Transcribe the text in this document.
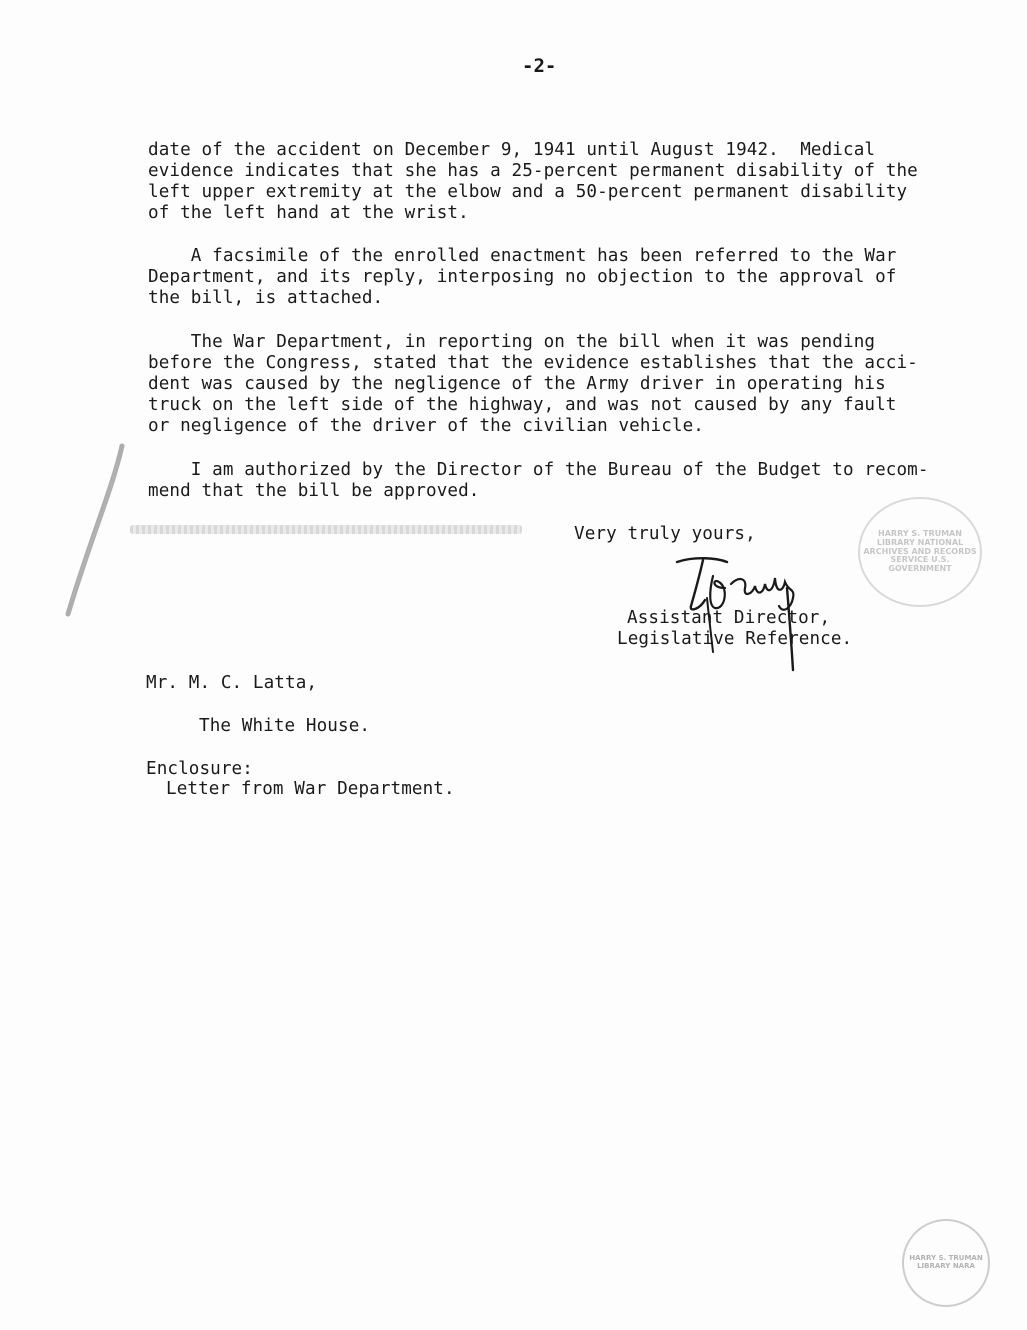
-2-
date of the accident on December 9, 1941 until August 1942.  Medical
evidence indicates that she has a 25-percent permanent disability of the
left upper extremity at the elbow and a 50-percent permanent disability
of the left hand at the wrist.
A facsimile of the enrolled enactment has been referred to the War
Department, and its reply, interposing no objection to the approval of
the bill, is attached.
The War Department, in reporting on the bill when it was pending
before the Congress, stated that the evidence establishes that the acci-
dent was caused by the negligence of the Army driver in operating his
truck on the left side of the highway, and was not caused by any fault
or negligence of the driver of the civilian vehicle.
I am authorized by the Director of the Bureau of the Budget to recom-
mend that the bill be approved.
Very truly yours,
Assistant Director,
Legislative Reference.
Mr. M. C. Latta,
The White House.
Enclosure:
Letter from War Department.
HARRY S. TRUMAN LIBRARY NATIONAL ARCHIVES AND RECORDS SERVICE U.S. GOVERNMENT
HARRY S. TRUMAN LIBRARY NARA
